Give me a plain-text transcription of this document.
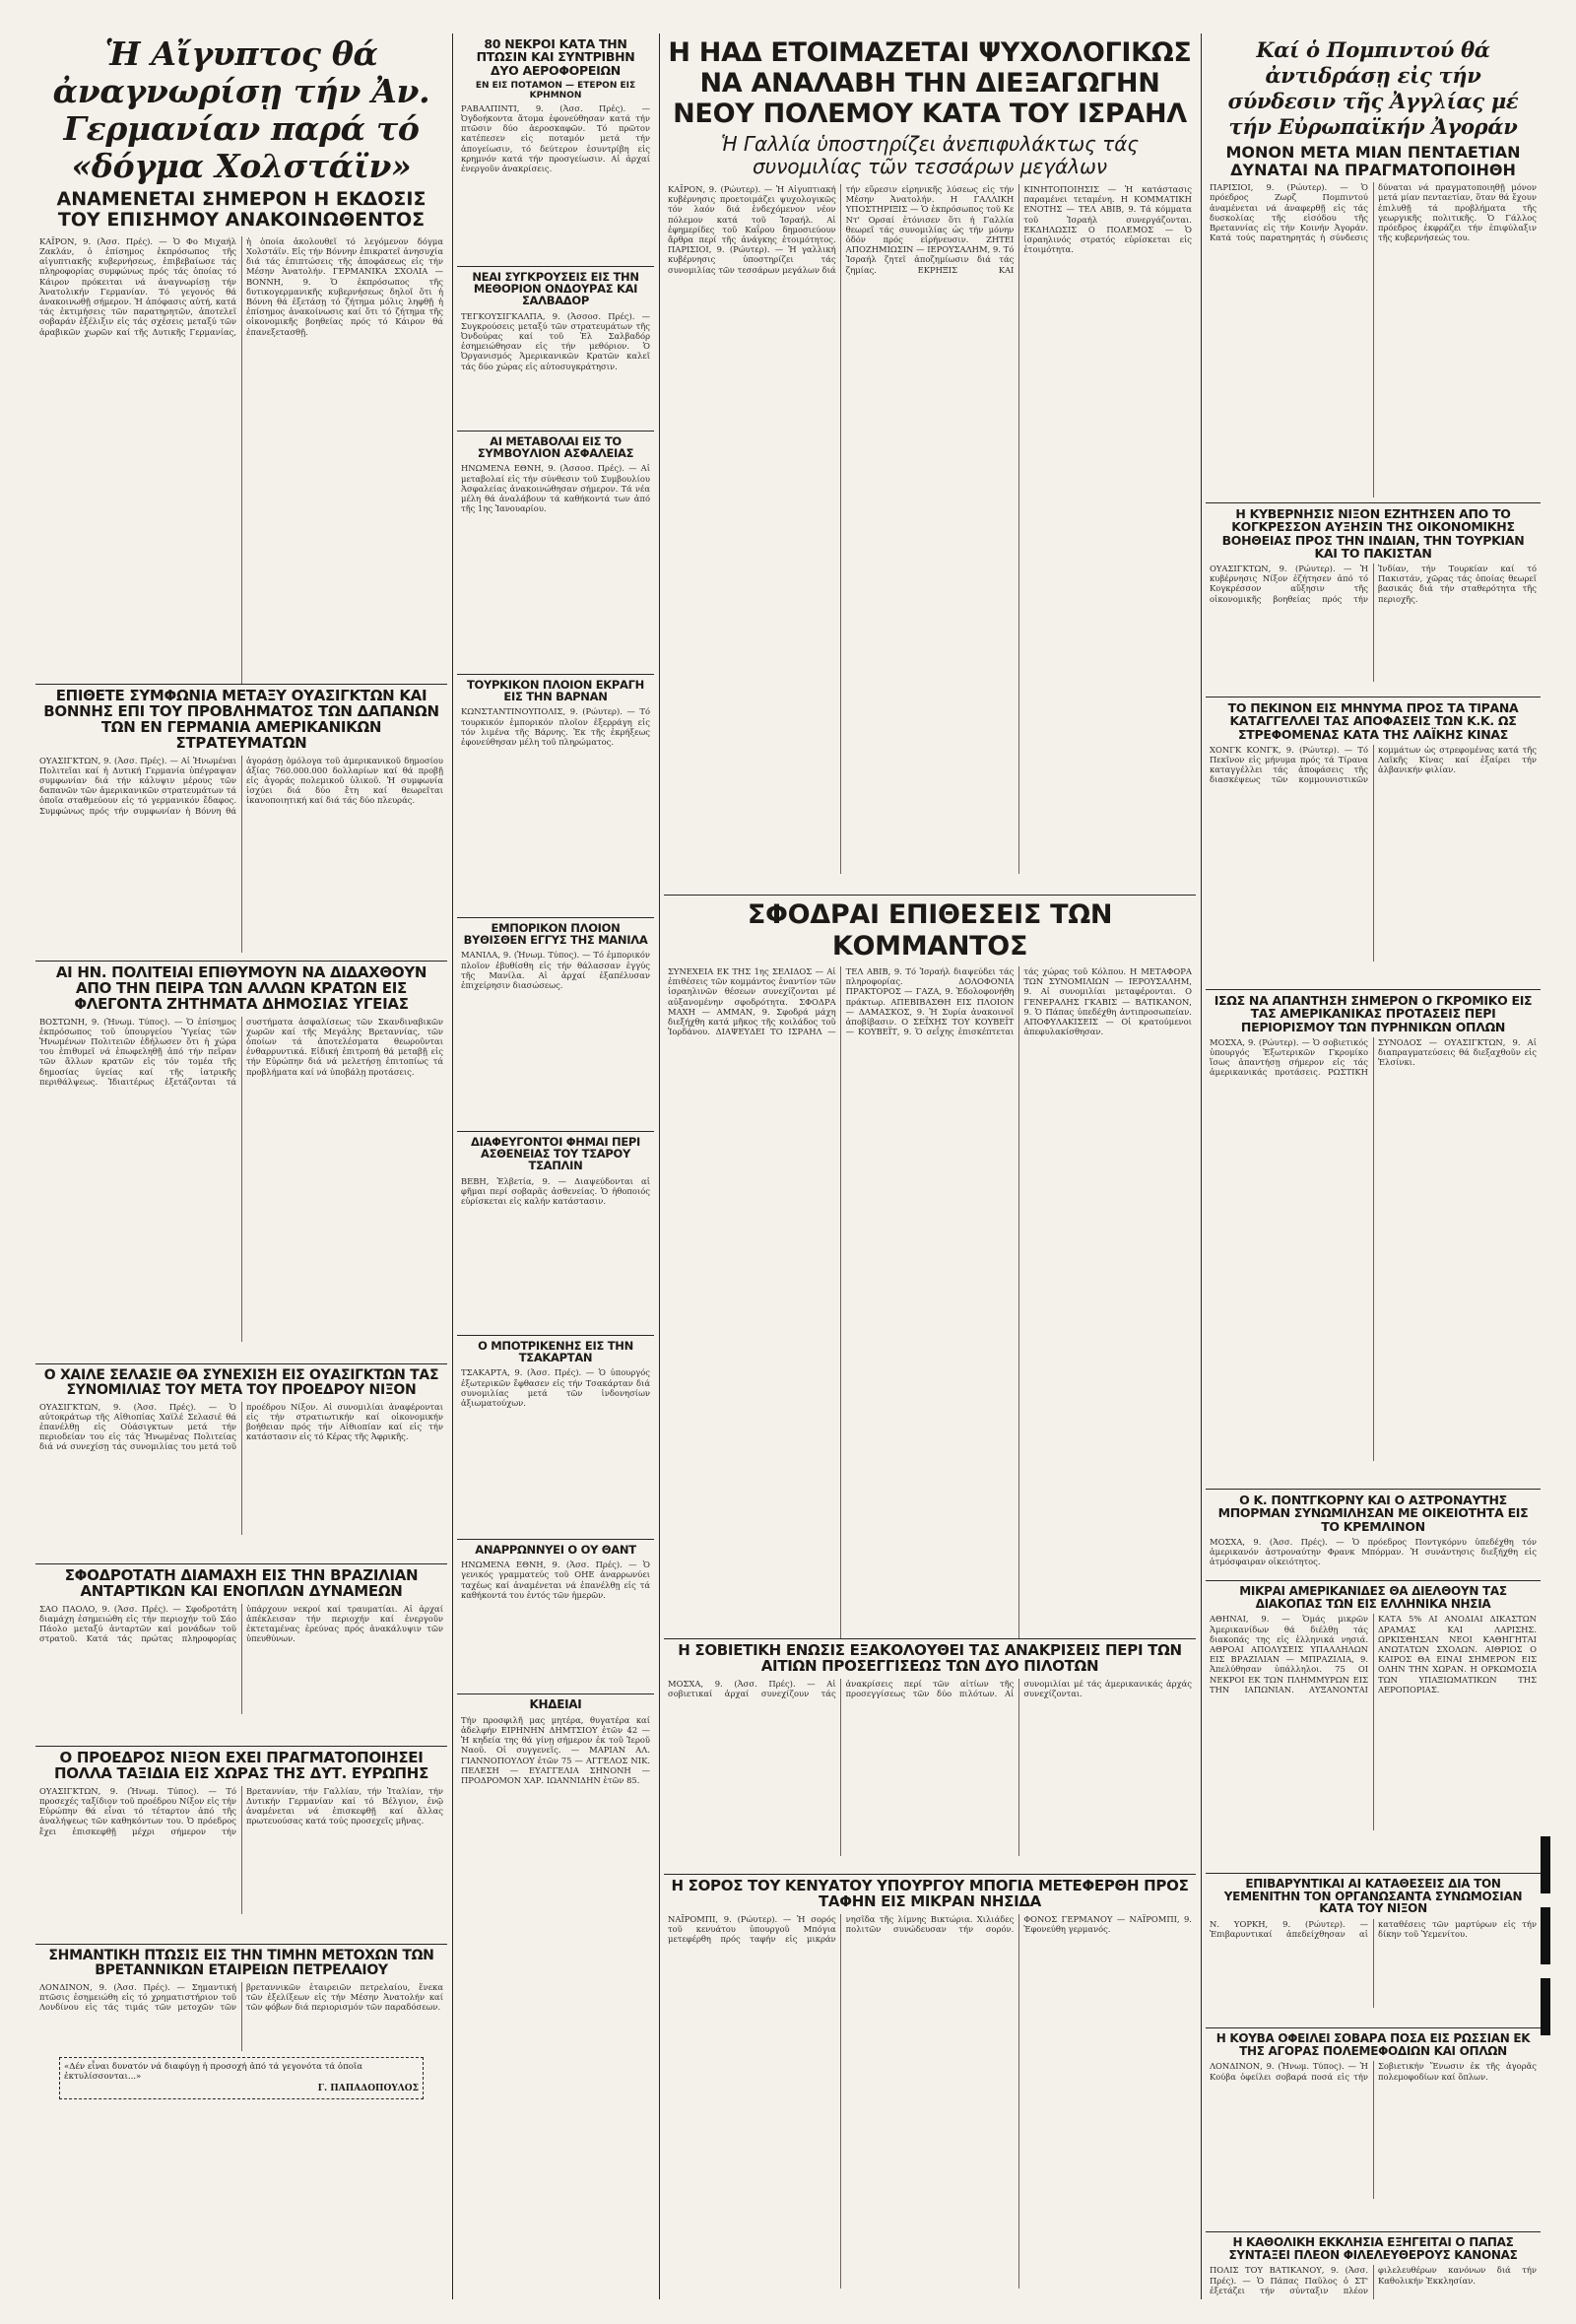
Ἡ Αἴγυπτος θά ἀναγνωρίσῃ τήν Ἀν. Γερμανίαν παρά τό «δόγμα Χολστάϊν»
ΑΝΑΜΕΝΕΤΑΙ ΣΗΜΕΡΟΝ Η ΕΚΔΟΣΙΣ ΤΟΥ ΕΠΙΣΗΜΟΥ ΑΝΑΚΟΙΝΩΘΕΝΤΟΣ
ΚΑΪΡΟΝ, 9. (Ἀσσ. Πρές). — Ὁ Φο Μιχαήλ Ζακλάν, ὁ ἐπίσημος ἐκπρόσωπος τῆς αἰγυπτιακῆς κυβερνήσεως, ἐπιβεβαίωσε τάς πληροφορίας συμφώνως πρός τάς ὁποίας τό Κάιρον πρόκειται νά ἀναγνωρίσῃ τήν Ἀνατολικήν Γερμανίαν. Τό γεγονός θά ἀνακοινωθῇ σήμερον. Ἡ ἀπόφασις αὐτή, κατά τάς ἐκτιμήσεις τῶν παρατηρητῶν, ἀποτελεῖ σοβαράν ἐξέλιξιν εἰς τάς σχέσεις μεταξύ τῶν ἀραβικῶν χωρῶν καί τῆς Δυτικῆς Γερμανίας, ἡ ὁποία ἀκολουθεῖ τό λεγόμενον δόγμα Χολστάϊν. Εἰς τήν Βόννην ἐπικρατεῖ ἀνησυχία διά τάς ἐπιπτώσεις τῆς ἀποφάσεως εἰς τήν Μέσην Ἀνατολήν. ΓΕΡΜΑΝΙΚΑ ΣΧΟΛΙΑ — ΒΟΝΝΗ, 9. Ὁ ἐκπρόσωπος τῆς δυτικογερμανικῆς κυβερνήσεως δηλοῖ ὅτι ἡ Βόννη θά ἐξετάσῃ τό ζήτημα μόλις ληφθῇ ἡ ἐπίσημος ἀνακοίνωσις καί ὅτι τό ζήτημα τῆς οἰκονομικῆς βοηθείας πρός τό Κάιρον θά ἐπανεξετασθῇ.
ΕΠΙΘΕΤΕ ΣΥΜΦΩΝΙΑ ΜΕΤΑΞΥ ΟΥΑΣΙΓΚΤΩΝ ΚΑΙ ΒΟΝΝΗΣ ΕΠΙ ΤΟΥ ΠΡΟΒΛΗΜΑΤΟΣ ΤΩΝ ΔΑΠΑΝΩΝ ΤΩΝ ΕΝ ΓΕΡΜΑΝΙΑ ΑΜΕΡΙΚΑΝΙΚΩΝ ΣΤΡΑΤΕΥΜΑΤΩΝ
ΟΥΑΣΙΓΚΤΩΝ, 9. (Ἀσσ. Πρές). — Αἱ Ἡνωμέναι Πολιτεῖαι καί ἡ Δυτική Γερμανία ὑπέγραψαν συμφωνίαν διά τήν κάλυψιν μέρους τῶν δαπανῶν τῶν ἀμερικανικῶν στρατευμάτων τά ὁποῖα σταθμεύουν εἰς τό γερμανικόν ἔδαφος. Συμφώνως πρός τήν συμφωνίαν ἡ Βόννη θά ἀγοράσῃ ὁμόλογα τοῦ ἀμερικανικοῦ δημοσίου ἀξίας 760.000.000 δολλαρίων καί θά προβῇ εἰς ἀγοράς πολεμικοῦ ὑλικοῦ. Ἡ συμφωνία ἰσχύει διά δύο ἔτη καί θεωρεῖται ἱκανοποιητική καί διά τάς δύο πλευράς.
ΑΙ ΗΝ. ΠΟΛΙΤΕΙΑΙ ΕΠΙΘΥΜΟΥΝ ΝΑ ΔΙΔΑΧΘΟΥΝ ΑΠΟ ΤΗΝ ΠΕΙΡΑ ΤΩΝ ΑΛΛΩΝ ΚΡΑΤΩΝ ΕΙΣ ΦΛΕΓΟΝΤΑ ΖΗΤΗΜΑΤΑ ΔΗΜΟΣΙΑΣ ΥΓΕΙΑΣ
ΒΟΣΤΩΝΗ, 9. (Ἡνωμ. Τύπος). — Ὁ ἐπίσημος ἐκπρόσωπος τοῦ ὑπουργείου Ὑγείας τῶν Ἡνωμένων Πολιτειῶν ἐδήλωσεν ὅτι ἡ χώρα του ἐπιθυμεῖ νά ἐπωφεληθῇ ἀπό τήν πεῖραν τῶν ἄλλων κρατῶν εἰς τόν τομέα τῆς δημοσίας ὑγείας καί τῆς ἰατρικῆς περιθάλψεως. Ἰδιαιτέρως ἐξετάζονται τά συστήματα ἀσφαλίσεως τῶν Σκανδιναβικῶν χωρῶν καί τῆς Μεγάλης Βρεταννίας, τῶν ὁποίων τά ἀποτελέσματα θεωροῦνται ἐνθαρρυντικά. Εἰδική ἐπιτροπή θά μεταβῇ εἰς τήν Εὐρώπην διά νά μελετήσῃ ἐπιτοπίως τά προβλήματα καί νά ὑποβάλῃ προτάσεις.
Ο ΧΑΙΛΕ ΣΕΛΑΣΙΕ ΘΑ ΣΥΝΕΧΙΣΗ ΕΙΣ ΟΥΑΣΙΓΚΤΩΝ ΤΑΣ ΣΥΝΟΜΙΛΙΑΣ ΤΟΥ ΜΕΤΑ ΤΟΥ ΠΡΟΕΔΡΟΥ ΝΙΞΟΝ
ΟΥΑΣΙΓΚΤΩΝ, 9. (Ἀσσ. Πρές). — Ὁ αὐτοκράτωρ τῆς Αἰθιοπίας Χαϊλέ Σελασιέ θά ἐπανέλθῃ εἰς Οὐάσιγκτων μετά τήν περιοδείαν του εἰς τάς Ἡνωμένας Πολιτείας διά νά συνεχίσῃ τάς συνομιλίας του μετά τοῦ προέδρου Νίξον. Αἱ συνομιλίαι ἀναφέρονται εἰς τήν στρατιωτικήν καί οἰκονομικήν βοήθειαν πρός τήν Αἰθιοπίαν καί εἰς τήν κατάστασιν εἰς τό Κέρας τῆς Ἀφρικῆς.
ΣΦΟΔΡΟΤΑΤΗ ΔΙΑΜΑΧΗ ΕΙΣ ΤΗΝ ΒΡΑΖΙΛΙΑΝ ΑΝΤΑΡΤΙΚΩΝ ΚΑΙ ΕΝΟΠΛΩΝ ΔΥΝΑΜΕΩΝ
ΣΑΟ ΠΑΟΛΟ, 9. (Ἀσσ. Πρές). — Σφοδροτάτη διαμάχη ἐσημειώθη εἰς τήν περιοχήν τοῦ Σάο Πάολο μεταξύ ἀνταρτῶν καί μονάδων τοῦ στρατοῦ. Κατά τάς πρώτας πληροφορίας ὑπάρχουν νεκροί καί τραυματίαι. Αἱ ἀρχαί ἀπέκλεισαν τήν περιοχήν καί ἐνεργοῦν ἐκτεταμένας ἐρεύνας πρός ἀνακάλυψιν τῶν ὑπευθύνων.
Ο ΠΡΟΕΔΡΟΣ ΝΙΞΟΝ ΕΧΕΙ ΠΡΑΓΜΑΤΟΠΟΙΗΣΕΙ ΠΟΛΛΑ ΤΑΞΙΔΙΑ ΕΙΣ ΧΩΡΑΣ ΤΗΣ ΔΥΤ. ΕΥΡΩΠΗΣ
ΟΥΑΣΙΓΚΤΩΝ, 9. (Ἡνωμ. Τύπος). — Τό προσεχές ταξίδιον τοῦ προέδρου Νίξον εἰς τήν Εὐρώπην θά εἶναι τό τέταρτον ἀπό τῆς ἀναλήψεως τῶν καθηκόντων του. Ὁ πρόεδρος ἔχει ἐπισκεφθῇ μέχρι σήμερον τήν Βρεταννίαν, τήν Γαλλίαν, τήν Ἰταλίαν, τήν Δυτικήν Γερμανίαν καί τό Βέλγιον, ἐνῷ ἀναμένεται νά ἐπισκεφθῇ καί ἄλλας πρωτευούσας κατά τούς προσεχεῖς μῆνας.
ΣΗΜΑΝΤΙΚΗ ΠΤΩΣΙΣ ΕΙΣ ΤΗΝ ΤΙΜΗΝ ΜΕΤΟΧΩΝ ΤΩΝ ΒΡΕΤΑΝΝΙΚΩΝ ΕΤΑΙΡΕΙΩΝ ΠΕΤΡΕΛΑΙΟΥ
ΛΟΝΔΙΝΟΝ, 9. (Ἀσσ. Πρές). — Σημαντική πτῶσις ἐσημειώθη εἰς τό χρηματιστήριον τοῦ Λονδίνου εἰς τάς τιμάς τῶν μετοχῶν τῶν βρεταννικῶν ἑταιρειῶν πετρελαίου, ἕνεκα τῶν ἐξελίξεων εἰς τήν Μέσην Ἀνατολήν καί τῶν φόβων διά περιορισμόν τῶν παραδόσεων.
«Δέν εἶναι δυνατόν νά διαφύγῃ ἡ προσοχή ἀπό τά γεγονότα τά ὁποῖα ἐκτυλίσσονται...»
Γ. ΠΑΠΑΔΟΠΟΥΛΟΣ
80 ΝΕΚΡΟΙ ΚΑΤΑ ΤΗΝ ΠΤΩΣΙΝ ΚΑΙ ΣΥΝΤΡΙΒΗΝ ΔΥΟ ΑΕΡΟΦΟΡΕΙΩΝ
ΕΝ ΕΙΣ ΠΟΤΑΜΟΝ — ΕΤΕΡΟΝ ΕΙΣ ΚΡΗΜΝΟΝ
ΡΑΒΑΛΠΙΝΤΙ, 9. (Ἀσσ. Πρές). — Ὀγδοήκοντα ἄτομα ἐφονεύθησαν κατά τήν πτῶσιν δύο ἀεροσκαφῶν. Τό πρῶτον κατέπεσεν εἰς ποταμόν μετά τήν ἀπογείωσιν, τό δεύτερον ἐσυντρίβη εἰς κρημνόν κατά τήν προσγείωσιν. Αἱ ἀρχαί ἐνεργοῦν ἀνακρίσεις.
ΝΕΑΙ ΣΥΓΚΡΟΥΣΕΙΣ ΕΙΣ ΤΗΝ ΜΕΘΟΡΙΟΝ ΟΝΔΟΥΡΑΣ ΚΑΙ ΣΑΛΒΑΔΟΡ
ΤΕΓΚΟΥΣΙΓΚΑΛΠΑ, 9. (Ἀσσοσ. Πρές). — Συγκρούσεις μεταξύ τῶν στρατευμάτων τῆς Ὀνδούρας καί τοῦ Ἐλ Σαλβαδόρ ἐσημειώθησαν εἰς τήν μεθόριον. Ὁ Ὀργανισμός Ἀμερικανικῶν Κρατῶν καλεῖ τάς δύο χώρας εἰς αὐτοσυγκράτησιν.
ΑΙ ΜΕΤΑΒΟΛΑΙ ΕΙΣ ΤΟ ΣΥΜΒΟΥΛΙΟΝ ΑΣΦΑΛΕΙΑΣ
ΗΝΩΜΕΝΑ ΕΘΝΗ, 9. (Ἀσσοσ. Πρές). — Αἱ μεταβολαί εἰς τήν σύνθεσιν τοῦ Συμβουλίου Ἀσφαλείας ἀνακοινώθησαν σήμερον. Τά νέα μέλη θά ἀναλάβουν τά καθήκοντά των ἀπό τῆς 1ης Ἰανουαρίου.
ΤΟΥΡΚΙΚΟΝ ΠΛΟΙΟΝ ΕΚΡΑΓΗ ΕΙΣ ΤΗΝ ΒΑΡΝΑΝ
ΚΩΝΣΤΑΝΤΙΝΟΥΠΟΛΙΣ, 9. (Ρώυτερ). — Τό τουρκικόν ἐμπορικόν πλοῖον ἐξερράγη εἰς τόν λιμένα τῆς Βάρνης. Ἐκ τῆς ἐκρήξεως ἐφονεύθησαν μέλη τοῦ πληρώματος.
ΕΜΠΟΡΙΚΟΝ ΠΛΟΙΟΝ ΒΥΘΙΣΘΕΝ ΕΓΓΥΣ ΤΗΣ ΜΑΝΙΛΑ
ΜΑΝΙΛΑ, 9. (Ἡνωμ. Τύπος). — Τό ἐμπορικόν πλοῖον ἐβυθίσθη εἰς τήν θάλασσαν ἐγγύς τῆς Μανίλα. Αἱ ἀρχαί ἐξαπέλυσαν ἐπιχείρησιν διασώσεως.
ΔΙΑΦΕΥΓΟΝΤΟΙ ΦΗΜΑΙ ΠΕΡΙ ΑΣΘΕΝΕΙΑΣ ΤΟΥ ΤΣΑΡΟΥ ΤΣΑΠΛΙΝ
ΒΕΒΗ, Ἑλβετία, 9. — Διαψεύδονται αἱ φῆμαι περί σοβαρᾶς ἀσθενείας. Ὁ ἠθοποιός εὑρίσκεται εἰς καλήν κατάστασιν.
Ο ΜΠΟΤΡΙΚΕΝΗΣ ΕΙΣ ΤΗΝ ΤΣΑΚΑΡΤΑΝ
ΤΣΑΚΑΡΤΑ, 9. (Ἀσσ. Πρές). — Ὁ ὑπουργός ἐξωτερικῶν ἔφθασεν εἰς τήν Τσακάρταν διά συνομιλίας μετά τῶν ἰνδονησίων ἀξιωματούχων.
ΑΝΑΡΡΩΝΝΥΕΙ Ο ΟΥ ΘΑΝΤ
ΗΝΩΜΕΝΑ ΕΘΝΗ, 9. (Ἀσσ. Πρές). — Ὁ γενικός γραμματεύς τοῦ ΟΗΕ ἀναρρωνύει ταχέως καί ἀναμένεται νά ἐπανέλθῃ εἰς τά καθήκοντά του ἐντός τῶν ἡμερῶν.
ΚΗΔΕΙΑΙ
Τήν προσφιλῆ μας μητέρα, θυγατέρα καί ἀδελφήν ΕΙΡΗΝΗΝ ΔΗΜΤΣΙΟΥ ἐτῶν 42 — Ἡ κηδεία της θά γίνῃ σήμερον ἐκ τοῦ Ἱεροῦ Ναοῦ. Οἱ συγγενεῖς. — ΜΑΡΙΑΝ ΑΛ. ΓΙΑΝΝΟΠΟΥΛΟΥ ἐτῶν 75 — ΑΓΓΕΛΟΣ ΝΙΚ. ΠΕΛΕΣΗ — ΕΥΑΓΓΕΛΙΑ ΣΗΝΟΝΗ — ΠΡΟΔΡΟΜΟΝ ΧΑΡ. ΙΩΑΝΝΙΔΗΝ ἐτῶν 85.
Η ΗΑΔ ΕΤΟΙΜΑΖΕΤΑΙ ΨΥΧΟΛΟΓΙΚΩΣ ΝΑ ΑΝΑΛΑΒΗ ΤΗΝ ΔΙΕΞΑΓΩΓΗΝ ΝΕΟΥ ΠΟΛΕΜΟΥ ΚΑΤΑ ΤΟΥ ΙΣΡΑΗΛ
Ἡ Γαλλία ὑποστηρίζει ἀνεπιφυλάκτως τάς συνομιλίας τῶν τεσσάρων μεγάλων
ΚΑΪΡΟΝ, 9. (Ρώυτερ). — Ἡ Αἰγυπτιακή κυβέρνησις προετοιμάζει ψυχολογικῶς τόν λαόν διά ἐνδεχόμενον νέον πόλεμον κατά τοῦ Ἰσραήλ. Αἱ ἐφημερίδες τοῦ Καΐρου δημοσιεύουν ἄρθρα περί τῆς ἀνάγκης ἑτοιμότητος. ΠΑΡΙΣΙΟΙ, 9. (Ρώυτερ). — Ἡ γαλλική κυβέρνησις ὑποστηρίζει τάς συνομιλίας τῶν τεσσάρων μεγάλων διά τήν εὕρεσιν εἰρηνικῆς λύσεως εἰς τήν Μέσην Ἀνατολήν. Η ΓΑΛΛΙΚΗ ΥΠΟΣΤΗΡΙΞΙΣ — Ὁ ἐκπρόσωπος τοῦ Κε Ντ' Ορσαί ἐτόνισεν ὅτι ἡ Γαλλία θεωρεῖ τάς συνομιλίας ὡς τήν μόνην ὁδόν πρός εἰρήνευσιν. ΖΗΤΕΙ ΑΠΟΖΗΜΙΩΣΙΝ — ΙΕΡΟΥΣΑΛΗΜ, 9. Τό Ἰσραήλ ζητεῖ ἀποζημίωσιν διά τάς ζημίας. ΕΚΡΗΞΙΣ ΚΑΙ ΚΙΝΗΤΟΠΟΙΗΣΙΣ — Ἡ κατάστασις παραμένει τεταμένη. Η ΚΟΜΜΑΤΙΚΗ ΕΝΟΤΗΣ — ΤΕΛ ΑΒΙΒ, 9. Τά κόμματα τοῦ Ἰσραήλ συνεργάζονται. ΕΚΔΗΛΩΣΙΣ Ο ΠΟΛΕΜΟΣ — Ὁ ἰσραηλινός στρατός εὑρίσκεται εἰς ἑτοιμότητα.
ΣΦΟΔΡΑΙ ΕΠΙΘΕΣΕΙΣ ΤΩΝ ΚΟΜΜΑΝΤΟΣ
ΣΥΝΕΧΕΙΑ ΕΚ ΤΗΣ 1ης ΣΕΛΙΔΟΣ — Αἱ ἐπιθέσεις τῶν κομμάντος ἐναντίον τῶν ἰσραηλινῶν θέσεων συνεχίζονται μέ αὐξανομένην σφοδρότητα. ΣΦΟΔΡΑ ΜΑΧΗ — ΑΜΜΑΝ, 9. Σφοδρά μάχη διεξήχθη κατά μῆκος τῆς κοιλάδος τοῦ Ἰορδάνου. ΔΙΑΨΕΥΔΕΙ ΤΟ ΙΣΡΑΗΛ — ΤΕΛ ΑΒΙΒ, 9. Τό Ἰσραήλ διαψεύδει τάς πληροφορίας. ΔΟΛΟΦΟΝΙΑ ΠΡΑΚΤΟΡΟΣ — ΓΑΖΑ, 9. Ἐδολοφονήθη πράκτωρ. ΑΠΕΒΙΒΑΣΘΗ ΕΙΣ ΠΛΟΙΟΝ — ΔΑΜΑΣΚΟΣ, 9. Ἡ Συρία ἀνακοινοῖ ἀποβίβασιν. Ο ΣΕΪΧΗΣ ΤΟΥ ΚΟΥΒΕΪΤ — ΚΟΥΒΕΪΤ, 9. Ὁ σεΐχης ἐπισκέπτεται τάς χώρας τοῦ Κόλπου. Η ΜΕΤΑΦΟΡΑ ΤΩΝ ΣΥΝΟΜΙΛΙΩΝ — ΙΕΡΟΥΣΑΛΗΜ, 9. Αἱ συνομιλίαι μεταφέρονται. Ο ΓΕΝΕΡΑΛΗΣ ΓΚΑΒΙΣ — ΒΑΤΙΚΑΝΟΝ, 9. Ὁ Πάπας ὑπεδέχθη ἀντιπροσωπείαν. ΑΠΟΦΥΛΑΚΙΣΕΙΣ — Οἱ κρατούμενοι ἀπεφυλακίσθησαν.
Η ΣΟΒΙΕΤΙΚΗ ΕΝΩΣΙΣ ΕΞΑΚΟΛΟΥΘΕΙ ΤΑΣ ΑΝΑΚΡΙΣΕΙΣ ΠΕΡΙ ΤΩΝ ΑΙΤΙΩΝ ΠΡΟΣΕΓΓΙΣΕΩΣ ΤΩΝ ΔΥΟ ΠΙΛΟΤΩΝ
ΜΟΣΧΑ, 9. (Ἀσσ. Πρές). — Αἱ σοβιετικαί ἀρχαί συνεχίζουν τάς ἀνακρίσεις περί τῶν αἰτίων τῆς προσεγγίσεως τῶν δύο πιλότων. Αἱ συνομιλίαι μέ τάς ἀμερικανικάς ἀρχάς συνεχίζονται.
Η ΣΟΡΟΣ ΤΟΥ ΚΕΝΥΑΤΟΥ ΥΠΟΥΡΓΟΥ ΜΠΟΓΙΑ ΜΕΤΕΦΕΡΘΗ ΠΡΟΣ ΤΑΦΗΝ ΕΙΣ ΜΙΚΡΑΝ ΝΗΣΙΔΑ
ΝΑΪΡΟΜΠΙ, 9. (Ρώυτερ). — Ἡ σορός τοῦ κενυάτου ὑπουργοῦ Μπόγια μετεφέρθη πρός ταφήν εἰς μικράν νησῖδα τῆς λίμνης Βικτώρια. Χιλιάδες πολιτῶν συνώδευσαν τήν σορόν. ΦΟΝΟΣ ΓΕΡΜΑΝΟΥ — ΝΑΪΡΟΜΠΙ, 9. Ἐφονεύθη γερμανός.
Καί ὁ Πομπιντού θά ἀντιδράσῃ εἰς τήν σύνδεσιν τῆς Ἀγγλίας μέ τήν Εὐρωπαϊκήν Ἀγοράν
ΜΟΝΟΝ ΜΕΤΑ ΜΙΑΝ ΠΕΝΤΑΕΤΙΑΝ ΔΥΝΑΤΑΙ ΝΑ ΠΡΑΓΜΑΤΟΠΟΙΗΘΗ
ΠΑΡΙΣΙΟΙ, 9. (Ρώυτερ). — Ὁ πρόεδρος Ζωρζ Πομπιντού ἀναμένεται νά ἀναφερθῇ εἰς τάς δυσκολίας τῆς εἰσόδου τῆς Βρεταννίας εἰς τήν Κοινήν Ἀγοράν. Κατά τούς παρατηρητάς ἡ σύνδεσις δύναται νά πραγματοποιηθῇ μόνον μετά μίαν πενταετίαν, ὅταν θά ἔχουν ἐπιλυθῇ τά προβλήματα τῆς γεωργικῆς πολιτικῆς. Ὁ Γάλλος πρόεδρος ἐκφράζει τήν ἐπιφύλαξιν τῆς κυβερνήσεώς του.
Η ΚΥΒΕΡΝΗΣΙΣ ΝΙΞΟΝ ΕΖΗΤΗΣΕΝ ΑΠΟ ΤΟ ΚΟΓΚΡΕΣΣΟΝ ΑΥΞΗΣΙΝ ΤΗΣ ΟΙΚΟΝΟΜΙΚΗΣ ΒΟΗΘΕΙΑΣ ΠΡΟΣ ΤΗΝ ΙΝΔΙΑΝ, ΤΗΝ ΤΟΥΡΚΙΑΝ ΚΑΙ ΤΟ ΠΑΚΙΣΤΑΝ
ΟΥΑΣΙΓΚΤΩΝ, 9. (Ρώυτερ). — Ἡ κυβέρνησις Νίξον ἐζήτησεν ἀπό τό Κογκρέσσον αὔξησιν τῆς οἰκονομικῆς βοηθείας πρός τήν Ἰνδίαν, τήν Τουρκίαν καί τό Πακιστάν, χῶρας τάς ὁποίας θεωρεῖ βασικάς διά τήν σταθερότητα τῆς περιοχῆς.
ΤΟ ΠΕΚΙΝΟΝ ΕΙΣ ΜΗΝΥΜΑ ΠΡΟΣ ΤΑ ΤΙΡΑΝΑ ΚΑΤΑΓΓΕΛΛΕΙ ΤΑΣ ΑΠΟΦΑΣΕΙΣ ΤΩΝ Κ.Κ. ΩΣ ΣΤΡΕΦΟΜΕΝΑΣ ΚΑΤΑ ΤΗΣ ΛΑΪΚΗΣ ΚΙΝΑΣ
ΧΟΝΓΚ ΚΟΝΓΚ, 9. (Ρώυτερ). — Τό Πεκῖνον εἰς μήνυμα πρός τά Τίρανα καταγγέλλει τάς ἀποφάσεις τῆς διασκέψεως τῶν κομμουνιστικῶν κομμάτων ὡς στρεφομένας κατά τῆς Λαϊκῆς Κίνας καί ἐξαίρει τήν ἀλβανικήν φιλίαν.
ΙΣΩΣ ΝΑ ΑΠΑΝΤΗΣΗ ΣΗΜΕΡΟΝ Ο ΓΚΡΟΜΙΚΟ ΕΙΣ ΤΑΣ ΑΜΕΡΙΚΑΝΙΚΑΣ ΠΡΟΤΑΣΕΙΣ ΠΕΡΙ ΠΕΡΙΟΡΙΣΜΟΥ ΤΩΝ ΠΥΡΗΝΙΚΩΝ ΟΠΛΩΝ
ΜΟΣΧΑ, 9. (Ρώυτερ). — Ὁ σοβιετικός ὑπουργός Ἐξωτερικῶν Γκρομίκο ἴσως ἀπαντήσῃ σήμερον εἰς τάς ἀμερικανικάς προτάσεις. ΡΩΣΤΙΚΗ ΣΥΝΟΔΟΣ — ΟΥΑΣΙΓΚΤΩΝ, 9. Αἱ διαπραγματεύσεις θά διεξαχθοῦν εἰς Ἑλσίνκι.
Ο Κ. ΠΟΝΤΓΚΟΡΝΥ ΚΑΙ Ο ΑΣΤΡΟΝΑΥΤΗΣ ΜΠΟΡΜΑΝ ΣΥΝΩΜΙΛΗΣΑΝ ΜΕ ΟΙΚΕΙΟΤΗΤΑ ΕΙΣ ΤΟ ΚΡΕΜΛΙΝΟΝ
ΜΟΣΧΑ, 9. (Ἀσσ. Πρές). — Ὁ πρόεδρος Ποντγκόρνυ ὑπεδέχθη τόν ἀμερικανόν ἀστροναύτην Φρανκ Μπόρμαν. Ἡ συνάντησις διεξήχθη εἰς ἀτμόσφαιραν οἰκειότητος.
ΜΙΚΡΑΙ ΑΜΕΡΙΚΑΝΙΔΕΣ ΘΑ ΔΙΕΛΘΟΥΝ ΤΑΣ ΔΙΑΚΟΠΑΣ ΤΩΝ ΕΙΣ ΕΛΛΗΝΙΚΑ ΝΗΣΙΑ
ΑΘΗΝΑΙ, 9. — Ὁμάς μικρῶν Ἀμερικανίδων θά διέλθῃ τάς διακοπάς της εἰς ἑλληνικά νησιά. ΑΘΡΟΑΙ ΑΠΟΛΥΣΕΙΣ ΥΠΑΛΛΗΛΩΝ ΕΙΣ ΒΡΑΖΙΛΙΑΝ — ΜΠΡΑΖΙΛΙΑ, 9. Ἀπελύθησαν ὑπάλληλοι. 75 ΟΙ ΝΕΚΡΟΙ ΕΚ ΤΩΝ ΠΛΗΜΜΥΡΩΝ ΕΙΣ ΤΗΝ ΙΑΠΩΝΙΑΝ. ΑΥΞΑΝΟΝΤΑΙ ΚΑΤΑ 5% ΑΙ ΑΝΟΔΙΑΙ ΔΙΚΑΣΤΩΝ ΔΡΑΜΑΣ ΚΑΙ ΛΑΡΙΣΗΣ. ΩΡΚΙΣΘΗΣΑΝ ΝΕΟΙ ΚΑΘΗΓΗΤΑΙ ΑΝΩΤΑΤΩΝ ΣΧΟΛΩΝ. ΑΙΘΡΙΟΣ Ο ΚΑΙΡΟΣ ΘΑ ΕΙΝΑΙ ΣΗΜΕΡΟΝ ΕΙΣ ΟΛΗΝ ΤΗΝ ΧΩΡΑΝ. Η ΟΡΚΩΜΟΣΙΑ ΤΩΝ ΥΠΑΞΙΩΜΑΤΙΚΩΝ ΤΗΣ ΑΕΡΟΠΟΡΙΑΣ.
ΕΠΙΒΑΡΥΝΤΙΚΑΙ ΑΙ ΚΑΤΑΘΕΣΕΙΣ ΔΙΑ ΤΟΝ ΥΕΜΕΝΙΤΗΝ ΤΟΝ ΟΡΓΑΝΩΣΑΝΤΑ ΣΥΝΩΜΟΣΙΑΝ ΚΑΤΑ ΤΟΥ ΝΙΞΟΝ
Ν. ΥΟΡΚΗ, 9. (Ρώυτερ). — Ἐπιβαρυντικαί ἀπεδείχθησαν αἱ καταθέσεις τῶν μαρτύρων εἰς τήν δίκην τοῦ Ὑεμενίτου.
Η ΚΟΥΒΑ ΟΦΕΙΛΕΙ ΣΟΒΑΡΑ ΠΟΣΑ ΕΙΣ ΡΩΣΣΙΑΝ ΕΚ ΤΗΣ ΑΓΟΡΑΣ ΠΟΛΕΜΕΦΟΔΙΩΝ ΚΑΙ ΟΠΛΩΝ
ΛΟΝΔΙΝΟΝ, 9. (Ἡνωμ. Τύπος). — Ἡ Κούβα ὀφείλει σοβαρά ποσά εἰς τήν Σοβιετικήν Ἕνωσιν ἐκ τῆς ἀγορᾶς πολεμοφοδίων καί ὅπλων.
Η ΚΑΘΟΛΙΚΗ ΕΚΚΛΗΣΙΑ ΕΞΗΓΕΙΤΑΙ Ο ΠΑΠΑΣ ΣΥΝΤΑΞΕΙ ΠΛΕΟΝ ΦΙΛΕΛΕΥΘΕΡΟΥΣ ΚΑΝΟΝΑΣ
ΠΟΛΙΣ ΤΟΥ ΒΑΤΙΚΑΝΟΥ, 9. (Ἀσσ. Πρές). — Ὁ Πάπας Παῦλος ὁ ΣΤ' ἐξετάζει τήν σύνταξιν πλέον φιλελευθέρων κανόνων διά τήν Καθολικήν Ἐκκλησίαν.
